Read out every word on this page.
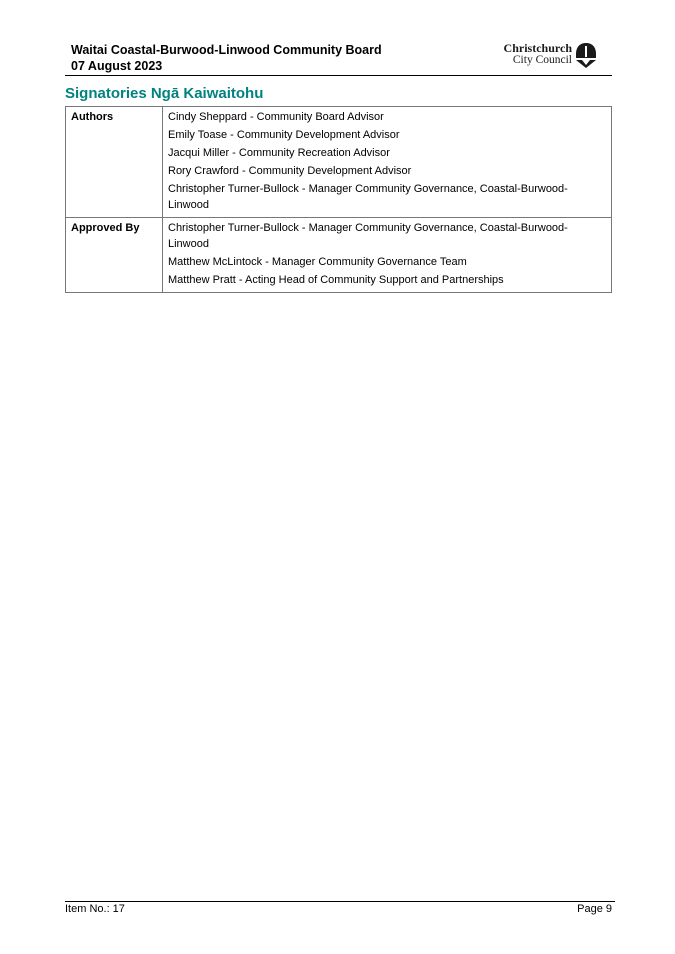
Waitai Coastal-Burwood-Linwood Community Board
07 August 2023
Christchurch
City Council
Signatories Ngā Kaiwaitohu
Authors	Cindy Sheppard - Community Board Advisor
Emily Toase - Community Development Advisor
Jacqui Miller - Community Recreation Advisor
Rory Crawford - Community Development Advisor
Christopher Turner-Bullock - Manager Community Governance, Coastal-Burwood-Linwood

Approved By	Christopher Turner-Bullock - Manager Community Governance, Coastal-Burwood-Linwood
Matthew McLintock - Manager Community Governance Team
Matthew Pratt - Acting Head of Community Support and Partnerships
Item No.: 17	Page 9
